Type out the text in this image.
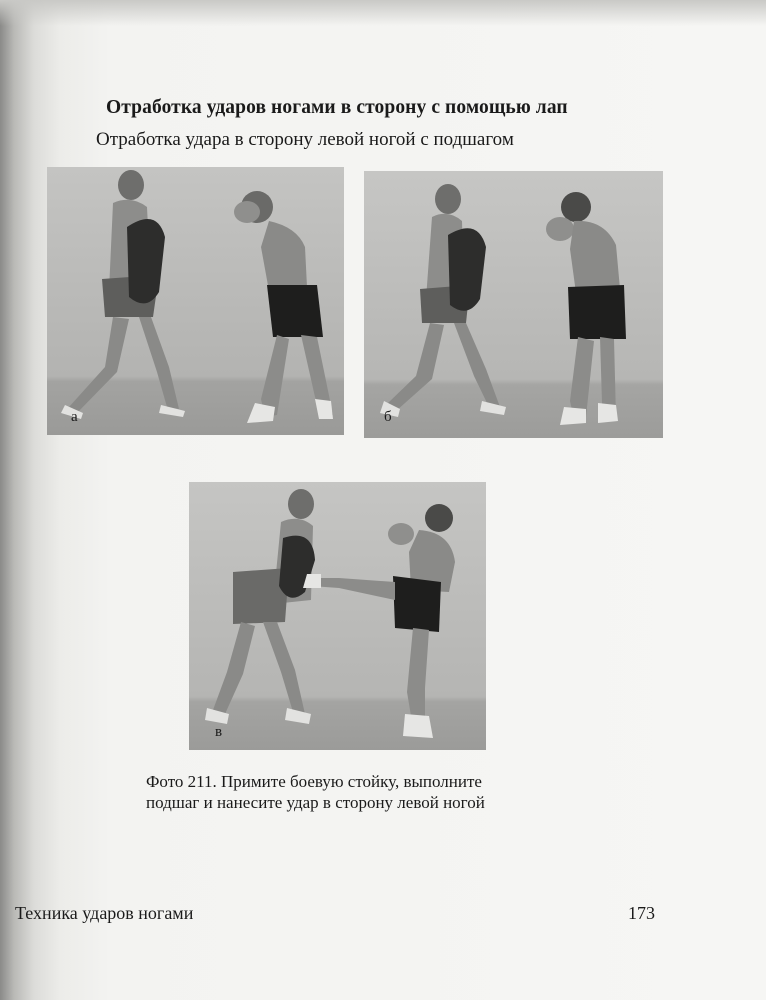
Отработка ударов ногами в сторону с помощью лап
Отработка удара в сторону левой ногой с подшагом
а	б
в
Фото 211. Примите боевую стойку, выполните
подшаг и нанесите удар в сторону левой ногой
Техника ударов ногами	173
